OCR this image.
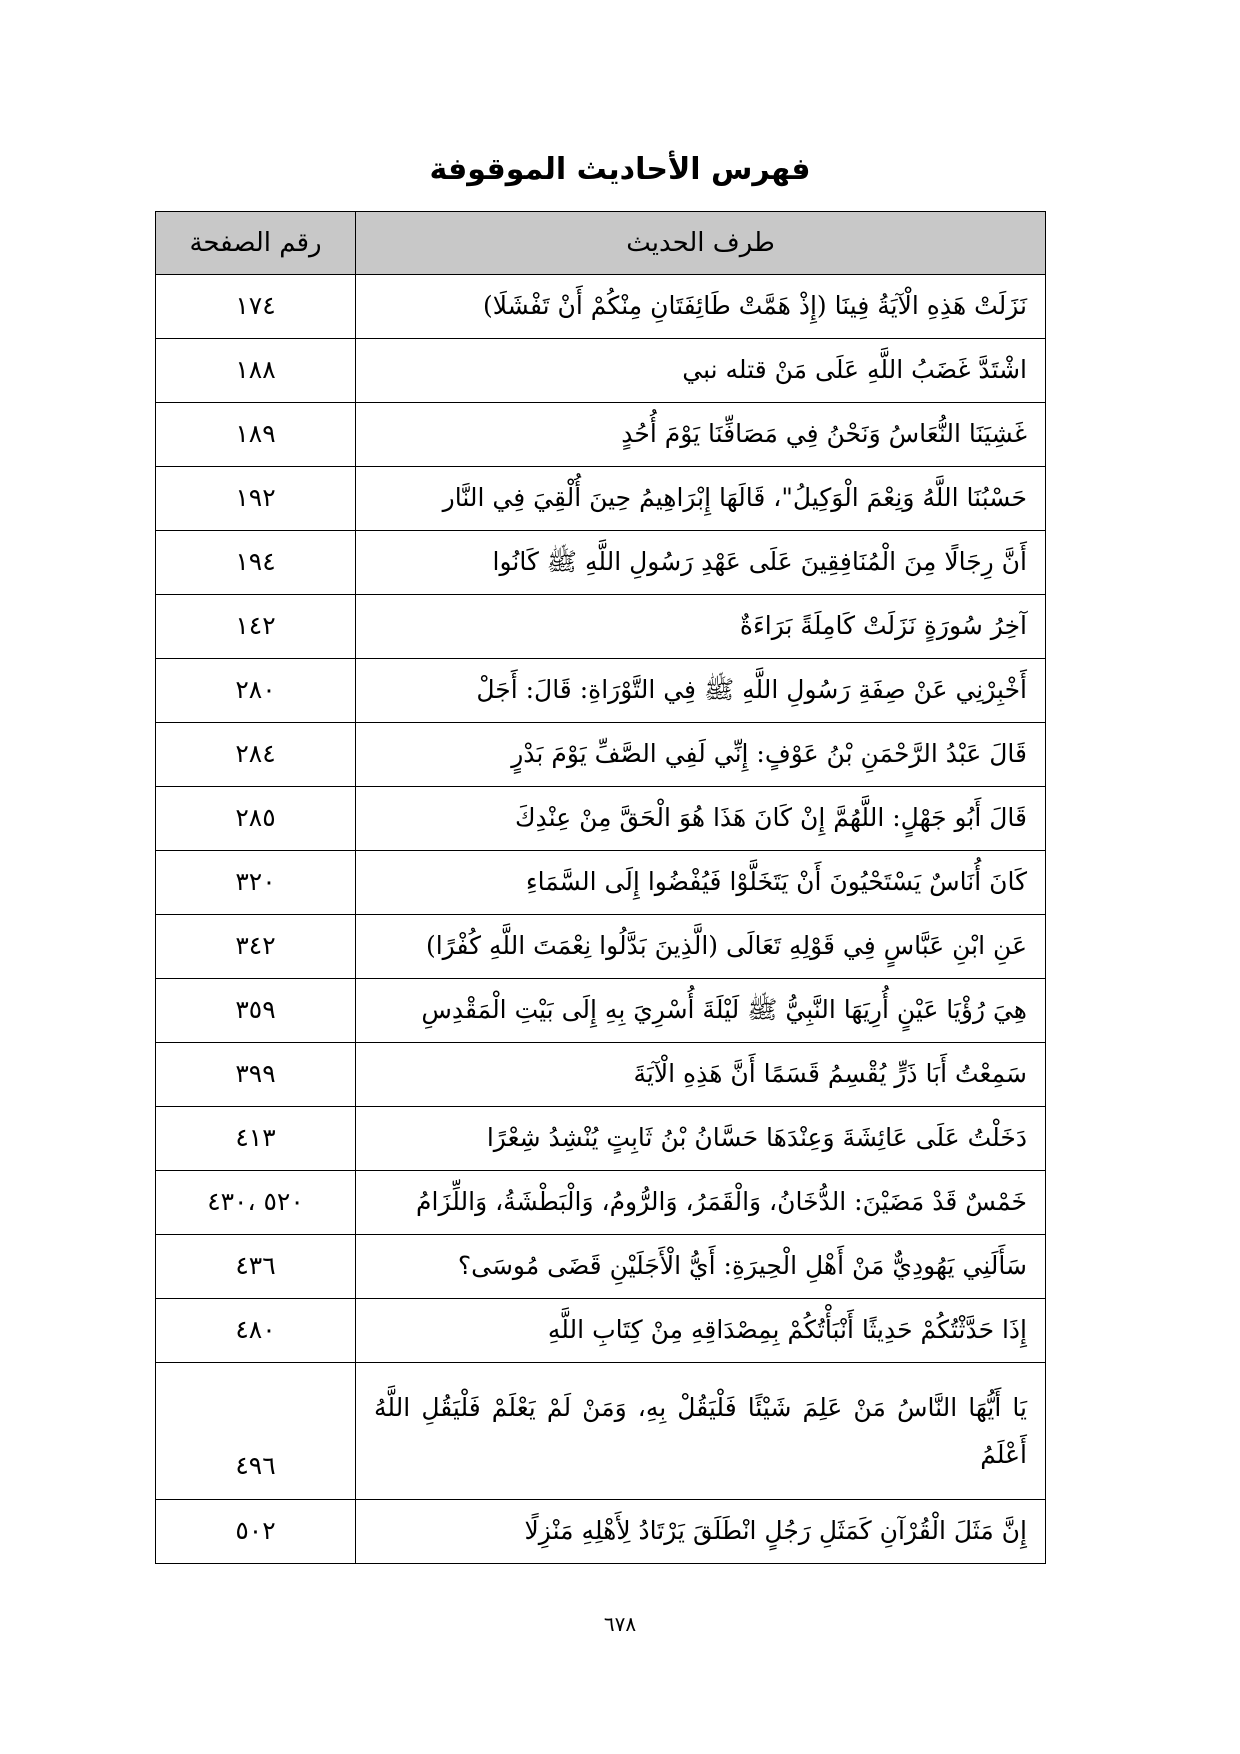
فهرس الأحاديث الموقوفة
طرف الحديث	رقم الصفحة
نَزَلَتْ هَذِهِ الْآيَةُ فِينَا (إِذْ هَمَّتْ طَائِفَتَانِ مِنْكُمْ أَنْ تَفْشَلَا)	١٧٤
اشْتَدَّ غَضَبُ اللَّهِ عَلَى مَنْ قتله نبي	١٨٨
غَشِيَنَا النُّعَاسُ وَنَحْنُ فِي مَصَافِّنَا يَوْمَ أُحُدٍ	١٨٩
حَسْبُنَا اللَّهُ وَنِعْمَ الْوَكِيلُ"، قَالَهَا إِبْرَاهِيمُ حِينَ أُلْقِيَ فِي النَّار	١٩٢
أَنَّ رِجَالًا مِنَ الْمُنَافِقِينَ عَلَى عَهْدِ رَسُولِ اللَّهِ ﷺ كَانُوا	١٩٤
آخِرُ سُورَةٍ نَزَلَتْ كَامِلَةً بَرَاءَةٌ	١٤٢
أَخْبِرْنِي عَنْ صِفَةِ رَسُولِ اللَّهِ ﷺ فِي التَّوْرَاةِ: قَالَ: أَجَلْ	٢٨٠
قَالَ عَبْدُ الرَّحْمَنِ بْنُ عَوْفٍ: إِنِّي لَفِي الصَّفِّ يَوْمَ بَدْرٍ	٢٨٤
قَالَ أَبُو جَهْلٍ: اللَّهُمَّ إِنْ كَانَ هَذَا هُوَ الْحَقَّ مِنْ عِنْدِكَ	٢٨٥
كَانَ أُنَاسٌ يَسْتَحْيُونَ أَنْ يَتَخَلَّوْا فَيُفْضُوا إِلَى السَّمَاءِ	٣٢٠
عَنِ ابْنِ عَبَّاسٍ فِي قَوْلِهِ تَعَالَى (الَّذِينَ بَدَّلُوا نِعْمَتَ اللَّهِ كُفْرًا)	٣٤٢
هِيَ رُؤْيَا عَيْنٍ أُرِيَهَا النَّبِيُّ ﷺ لَيْلَةَ أُسْرِيَ بِهِ إِلَى بَيْتِ الْمَقْدِسِ	٣٥٩
سَمِعْتُ أَبَا ذَرٍّ يُقْسِمُ قَسَمًا أَنَّ هَذِهِ الْآيَةَ	٣٩٩
دَخَلْتُ عَلَى عَائِشَةَ وَعِنْدَهَا حَسَّانُ بْنُ ثَابِتٍ يُنْشِدُ شِعْرًا	٤١٣
خَمْسٌ قَدْ مَضَيْنَ: الدُّخَانُ، وَالْقَمَرُ، وَالرُّومُ، وَالْبَطْشَةُ، وَاللِّزَامُ	٥٢٠ ،٤٣٠
سَأَلَنِي يَهُودِيٌّ مَنْ أَهْلِ الْحِيرَةِ: أَيُّ الْأَجَلَيْنِ قَضَى مُوسَى؟	٤٣٦
إِذَا حَدَّثْتُكُمْ حَدِيثًا أَنْبَأْتُكُمْ بِمِصْدَاقِهِ مِنْ كِتَابِ اللَّهِ	٤٨٠
يَا أَيُّهَا النَّاسُ مَنْ عَلِمَ شَيْئًا فَلْيَقُلْ بِهِ، وَمَنْ لَمْ يَعْلَمْ فَلْيَقُلِ اللَّهُ أَعْلَمُ	٤٩٦
إِنَّ مَثَلَ الْقُرْآنِ كَمَثَلِ رَجُلٍ انْطَلَقَ يَرْتَادُ لِأَهْلِهِ مَنْزِلًا	٥٠٢
٦٧٨
